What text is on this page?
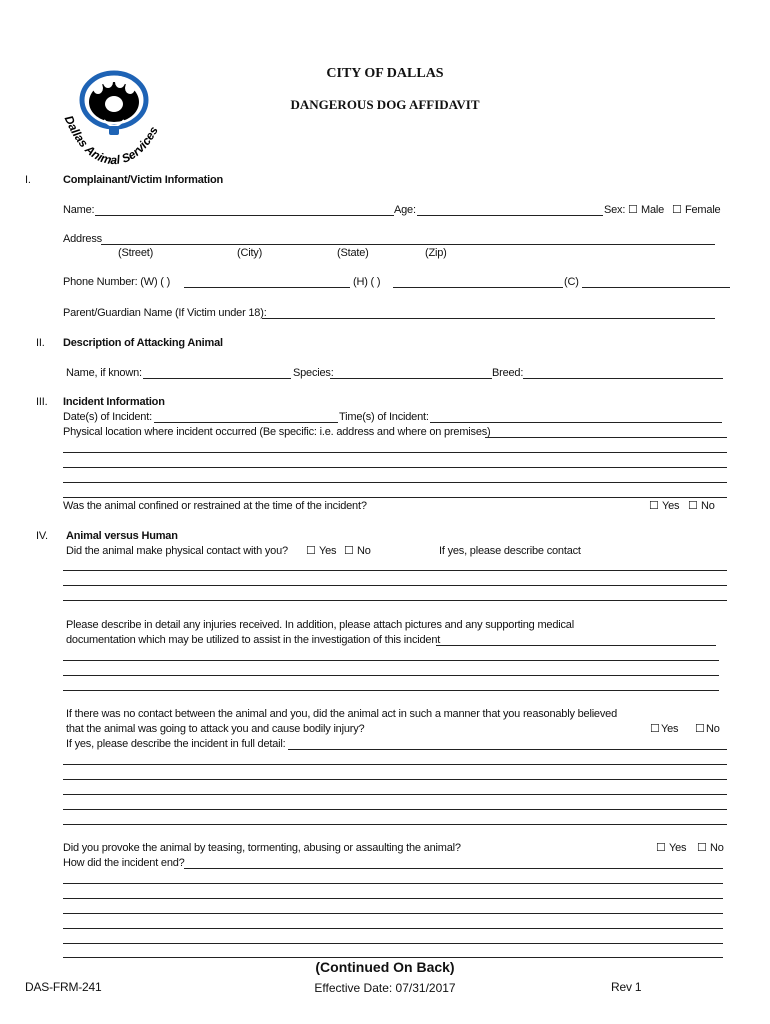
Dallas Animal Services
CITY OF DALLAS
DANGEROUS DOG AFFIDAVIT
I.	Complainant/Victim Information
Name:	Age:	Sex: ☐ Male ☐ Female
Address
(Street)	(City)	(State)	(Zip)
Phone Number: (W) ( )	(H) ( )	(C)
Parent/Guardian Name (If Victim under 18):
II. Description of Attacking Animal
Name, if known:	Species:	Breed:
III. Incident Information
Date(s) of Incident:	Time(s) of Incident:
Physical location where incident occurred (Be specific: i.e. address and where on premises)
Was the animal confined or restrained at the time of the incident? ☐	Yes ☐ No
IV. Animal versus Human
Did the animal make physical contact with you? ☐	Yes ☐ No	If yes, please describe contact
Please describe in detail any injuries received. In addition, please attach pictures and any supporting medical
documentation which may be utilized to assist in the investigation of this incident
If there was no contact between the animal and you, did the animal act in such a manner that you reasonably believed
that the animal was going to attack you and cause bodily injury? ☐	Yes ☐	No
If yes, please describe the incident in full detail:
Did you provoke the animal by teasing, tormenting, abusing or assaulting the animal? ☐	Yes ☐ No
How did the incident end?
(Continued On Back)
DAS-FRM-241	Effective Date: 07/31/2017	Rev 1
